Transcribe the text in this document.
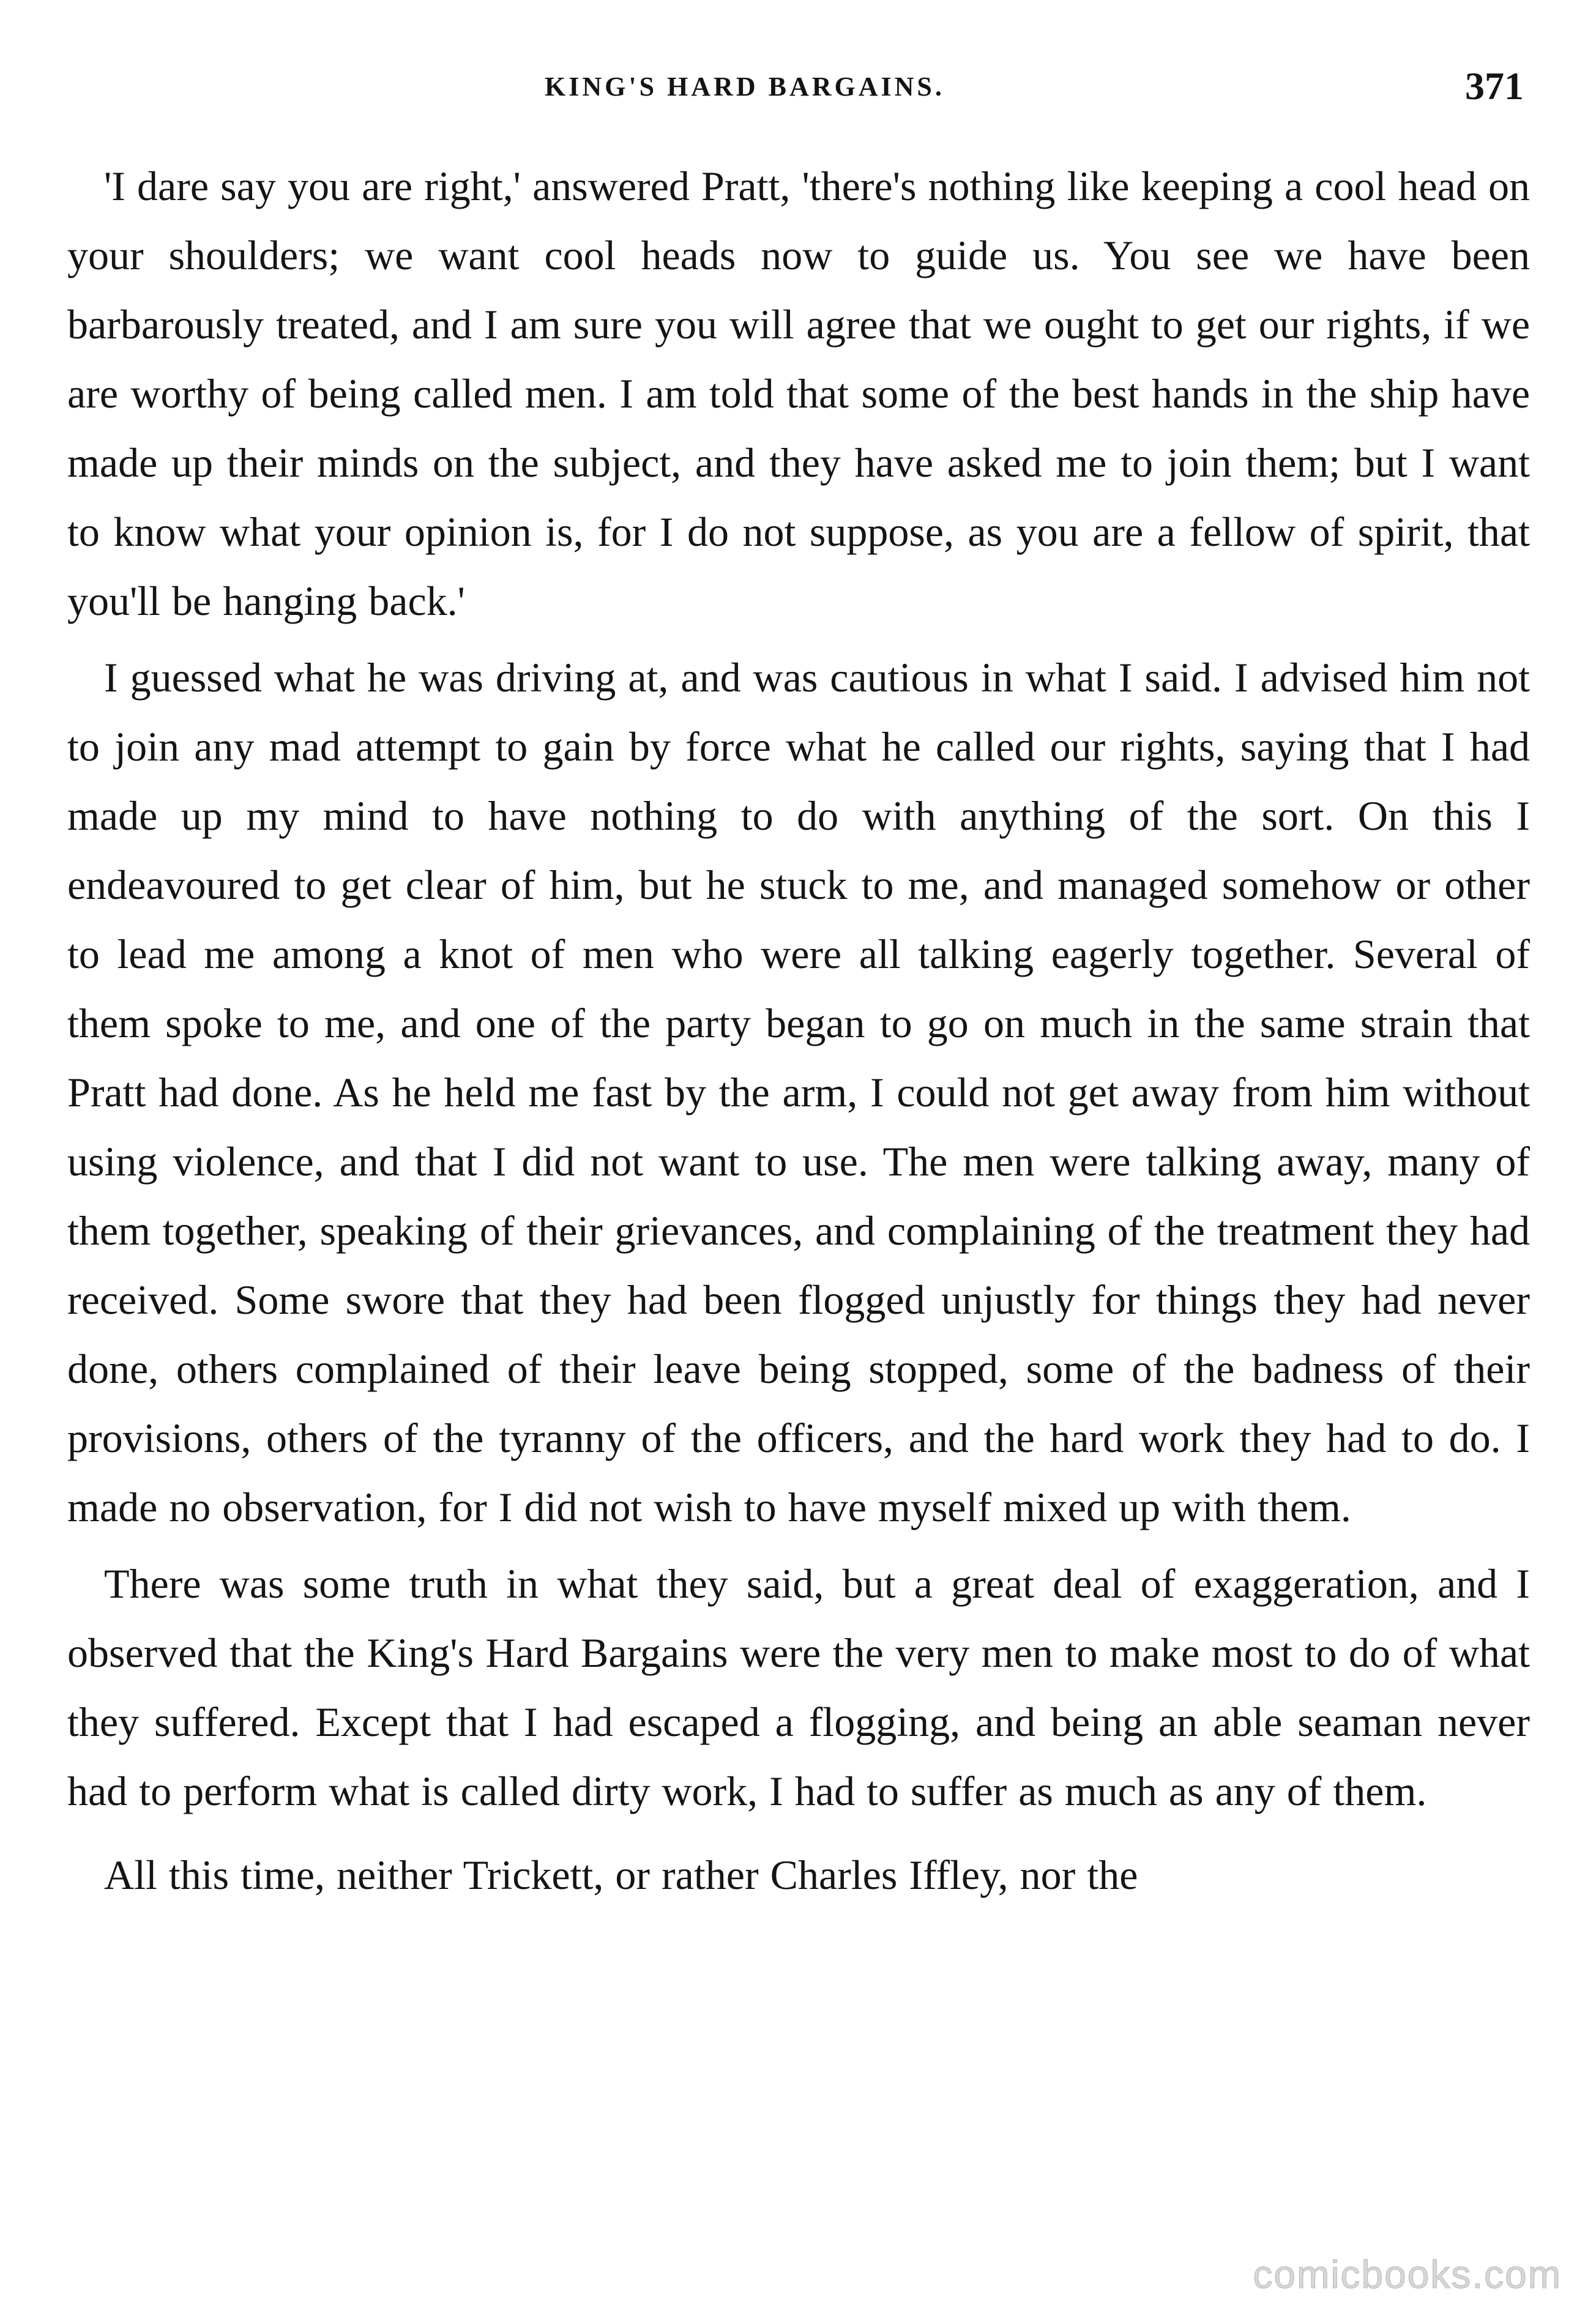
KING'S HARD BARGAINS.	371

'I dare say you are right,' answered Pratt, 'there's nothing like keeping a cool head on your shoulders; we want cool heads now to guide us. You see we have been barbarously treated, and I am sure you will agree that we ought to get our rights, if we are worthy of being called men. I am told that some of the best hands in the ship have made up their minds on the subject, and they have asked me to join them; but I want to know what your opinion is, for I do not suppose, as you are a fellow of spirit, that you'll be hanging back.'

I guessed what he was driving at, and was cautious in what I said. I advised him not to join any mad attempt to gain by force what he called our rights, saying that I had made up my mind to have nothing to do with anything of the sort. On this I endeavoured to get clear of him, but he stuck to me, and managed somehow or other to lead me among a knot of men who were all talking eagerly together. Several of them spoke to me, and one of the party began to go on much in the same strain that Pratt had done. As he held me fast by the arm, I could not get away from him without using violence, and that I did not want to use. The men were talking away, many of them together, speaking of their grievances, and complaining of the treatment they had received. Some swore that they had been flogged unjustly for things they had never done, others complained of their leave being stopped, some of the badness of their provisions, others of the tyranny of the officers, and the hard work they had to do. I made no observation, for I did not wish to have myself mixed up with them.

There was some truth in what they said, but a great deal of exaggeration, and I observed that the King's Hard Bargains were the very men to make most to do of what they suffered. Except that I had escaped a flogging, and being an able seaman never had to perform what is called dirty work, I had to suffer as much as any of them.

All this time, neither Trickett, or rather Charles Iffley, nor the

comicbooks.com
